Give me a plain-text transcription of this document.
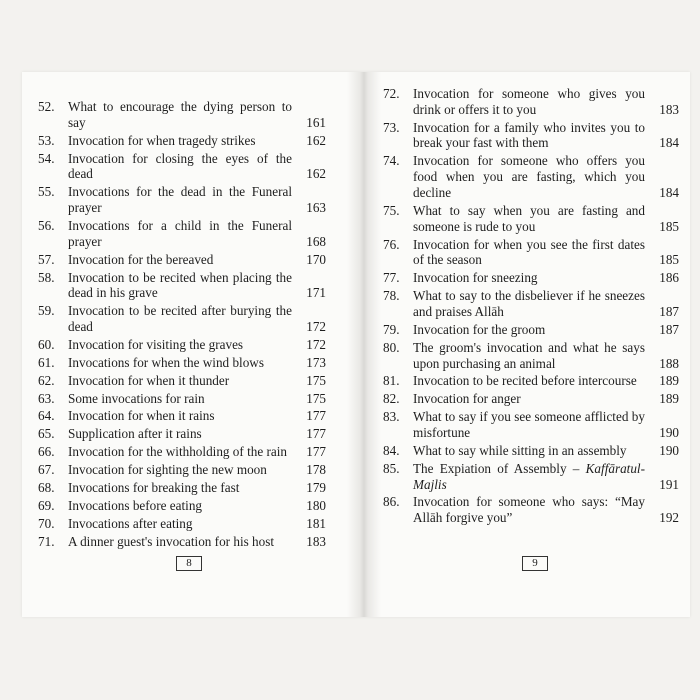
52.	What to encourage the dying person to say	161
53.	Invocation for when tragedy strikes	162
54.	Invocation for closing the eyes of the dead	162
55.	Invocations for the dead in the Funeral prayer	163
56.	Invocations for a child in the Funeral prayer	168
57.	Invocation for the bereaved	170
58.	Invocation to be recited when placing the dead in his grave	171
59.	Invocation to be recited after burying the dead	172
60.	Invocation for visiting the graves	172
61.	Invocations for when the wind blows	173
62.	Invocation for when it thunder	175
63.	Some invocations for rain	175
64.	Invocation for when it rains	177
65.	Supplication after it rains	177
66.	Invocation for the withholding of the rain	177
67.	Invocation for sighting the new moon	178
68.	Invocations for breaking the fast	179
69.	Invocations before eating	180
70.	Invocations after eating	181
71.	A dinner guest's invocation for his host	183
8
72.	Invocation for someone who gives you drink or offers it to you	183
73.	Invocation for a family who invites you to break your fast with them	184
74.	Invocation for someone who offers you food when you are fasting, which you decline	184
75.	What to say when you are fasting and someone is rude to you	185
76.	Invocation for when you see the first dates of the season	185
77.	Invocation for sneezing	186
78.	What to say to the disbeliever if he sneezes and praises Allāh	187
79.	Invocation for the groom	187
80.	The groom's invocation and what he says upon purchasing an animal	188
81.	Invocation to be recited before intercourse	189
82.	Invocation for anger	189
83.	What to say if you see someone afflicted by misfortune	190
84.	What to say while sitting in an assembly	190
85.	The Expiation of Assembly – Kaffāratul-Majlis	191
86.	Invocation for someone who says: “May Allāh forgive you”	192
9
